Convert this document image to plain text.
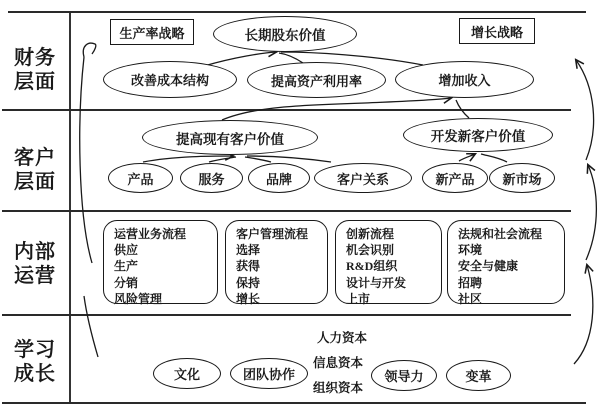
财务
层面
客户
层面
内部
运营
学习
成长
生产率战略	增长战略
长期股东价值
改善成本结构	提高资产利用率	增加收入
提高现有客户价值	开发新客户价值
产品	服务	品牌	客户关系	新产品	新市场
运营业务流程
供应
生产
分销
风险管理
客户管理流程
选择
获得
保持
增长
创新流程
机会识别
R&D组织
设计与开发
上市
法规和社会流程
环境
安全与健康
招聘
社区
文化	团队协作	领导力	变革
人力资本
信息资本
组织资本
